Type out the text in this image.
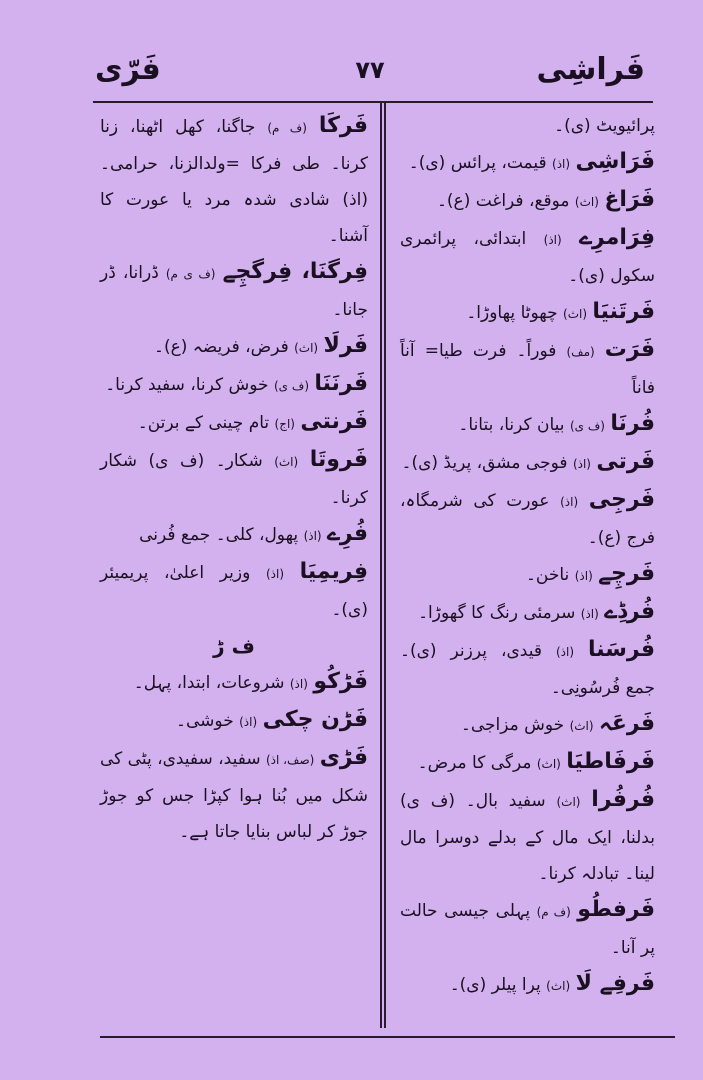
فَراشِی
۷۷
فَرّی

پرائیویٹ (ی)۔

فَرَاشِی (اذ) قیمت، پرائس (ی)۔

فَرَاغ (اث) موقع، فراغت (ع)۔

فِرَامرِے (اذ) ابتدائی، پرائمری سکول (ی)۔

فَرتَنیَا (اث) چھوٹا پھاوڑا۔

فَرَت (مف) فوراً۔ فرت طیا= آناً فاناً

فُرنَا (ف ی) بیان کرنا، بتانا۔

فَرتی (اذ) فوجی مشق، پریڈ (ی)۔

فَرجِی (اذ) عورت کی شرمگاہ، فرج (ع)۔

فَرچِے (اذ) ناخن۔

فُرڈِے (اذ) سرمئی رنگ کا گھوڑا۔

فُرسَنا (اذ) قیدی، پرزنر (ی)۔ جمع فُرسُونِی۔

فَرعَہ (اث) خوش مزاجی۔

فَرفَاطیَا (اث) مرگی کا مرض۔

فُرفُرا (اث) سفید بال۔ (ف ی) بدلنا، ایک مال کے بدلے دوسرا مال لینا۔ تبادلہ کرنا۔

فَرفطُو (ف م) پہلی جیسی حالت پر آنا۔

فَرفِے لَا (اث) پرا پیلر (ی)۔

فَرکَا (ف م) جاگنا، کھل اٹھنا، زنا کرنا۔ طی فرکا =ولدالزنا، حرامی۔ (اذ) شادی شدہ مرد یا عورت کا آشنا۔

فِرگنَا، فِرگچِے (ف ی م) ڈرانا، ڈر جانا۔

فَرلَا (اث) فرض، فریضہ (ع)۔

فَرنَنَا (ف ی) خوش کرنا، سفید کرنا۔

فَرنتی (اج) تام چینی کے برتن۔

فَروتَا (اث) شکار۔ (ف ی) شکار کرنا۔

فُرِے (اذ) پھول، کلی۔ جمع فُرنی

فِریمِیَا (اذ) وزیر اعلیٰ، پریمیئر (ی)۔

ف ڑ

فَڑکُو (اذ) شروعات، ابتدا، پہل۔

فَڑن چکی (اذ) خوشی۔

فَڑی (صف، اذ) سفید، سفیدی، پٹی کی شکل میں بُنا ہوا کپڑا جس کو جوڑ جوڑ کر لباس بنایا جاتا ہے۔
